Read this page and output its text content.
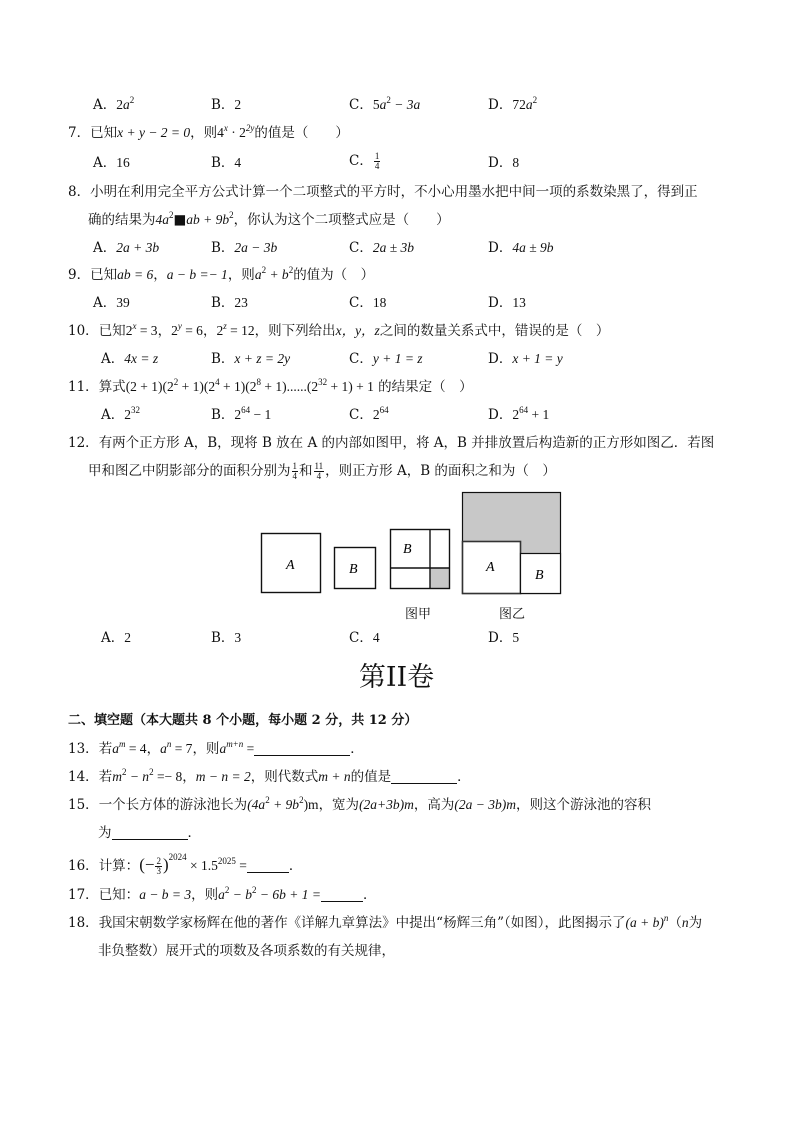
A．$2a^2$	B．2	C．$5a^2 - 3a$	D．$72a^2$
7．已知x + y − 2 = 0，则$4^x \cdot 2^{2y}$的值是（　　）
A．16	B．4	C． $\frac{1}{4}$	D．8
8．小明在利用完全平方公式计算一个二项整式的平方时，不小心用墨水把中间一项的系数染黑了，得到正
确的结果为$4a^2■ab + 9b^2$，你认为这个二项整式应是（　　）
A．2a + 3b	B．2a − 3b	C．2a ± 3b	D．4a ± 9b
9．已知ab = 6，a − b =− 1，则$a^2 + b^2$的值为（　）
A．39	B．23	C．18	D．13
10．已知$2^x = 3$，$2^y = 6$，$2^z = 12$，则下列给出x，y，z之间的数量关系式中，错误的是（　）
A．4x = z	B．x + z = 2y	C．y + 1 = z	D．x + 1 = y
11．算式$(2 + 1)(2^2 + 1)(2^4 + 1)(2^8 + 1)......(2^{32} + 1) + 1$ 的结果定（　）
A．$2^{32}$	B．$2^{64} - 1$	C．$2^{64}$	D．$2^{64} + 1$
12．有两个正方形 A，B，现将 B 放在 A 的内部如图甲，将 A，B 并排放置后构造新的正方形如图乙．若图
甲和图乙中阴影部分的面积分别为 $\frac{1}{4}$ 和 $\frac{11}{4}$ ，则正方形 A，B 的面积之和为（　）
A	B
B
A
B
图甲	图乙
A．2	B．3	C．4	D．5
第II卷
二、填空题（本大题共 8 个小题，每小题 2 分，共 12 分）
13．若$a^m = 4$，$a^n = 7$，则$a^{m+n}$ =	．
14．若$m^2 - n^2 =- 8$，m − n = 2，则代数式m + n的值是	．
15．一个长方体的游泳池长为$(4a^2 + 9b^2)m$，宽为(2a+3b)m，高为(2a − 3b)m，则这个游泳池的容积
为	．
16．计算：(− $\frac{2}{3} )^{2024} \times 1.5^{2025}$ =	．
17．已知：a − b = 3，则$a^2 - b^2 - 6b + 1$ =	．
18．我国宋朝数学家杨辉在他的著作《详解九章算法》中提出“杨辉三角”（如图），此图揭示了$(a + b)^n(n$为
非负整数）展开式的项数及各项系数的有关规律，
